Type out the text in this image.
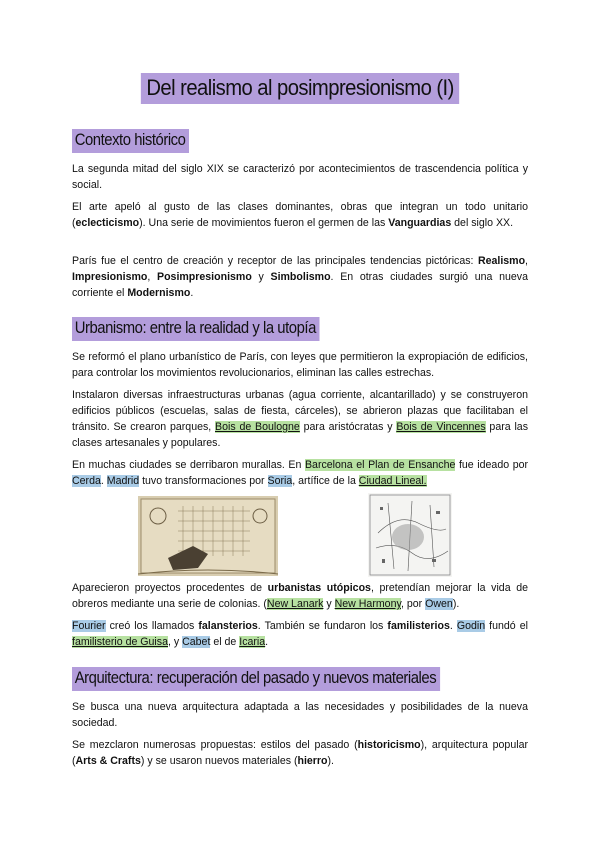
Del realismo al posimpresionismo (I)
Contexto histórico

La segunda mitad del siglo XIX se caracterizó por acontecimientos de trascendencia política y social.

El arte apeló al gusto de las clases dominantes, obras que integran un todo unitario (eclecticismo). Una serie de movimientos fueron el germen de las Vanguardias del siglo XX.

París fue el centro de creación y receptor de las principales tendencias pictóricas: Realismo, Impresionismo, Posimpresionismo y Simbolismo. En otras ciudades surgió una nueva corriente el Modernismo.

Urbanismo: entre la realidad y la utopía

Se reformó el plano urbanístico de París, con leyes que permitieron la expropiación de edificios, para controlar los movimientos revolucionarios, eliminan las calles estrechas.

Instalaron diversas infraestructuras urbanas (agua corriente, alcantarillado) y se construyeron edificios públicos (escuelas, salas de fiesta, cárceles), se abrieron plazas que facilitaban el tránsito. Se crearon parques, Bois de Boulogne para aristócratas y Bois de Vincennes para las clases artesanales y populares.

En muchas ciudades se derribaron murallas. En Barcelona el Plan de Ensanche fue ideado por Cerda. Madrid tuvo transformaciones por Soria, artífice de la Ciudad Lineal.

Aparecieron proyectos procedentes de urbanistas utópicos, pretendían mejorar la vida de obreros mediante una serie de colonias. (New Lanark y New Harmony, por Owen).

Fourier creó los llamados falansterios. También se fundaron los familisterios. Godin fundó el familisterio de Guisa, y Cabet el de Icaria.

Arquitectura: recuperación del pasado y nuevos materiales

Se busca una nueva arquitectura adaptada a las necesidades y posibilidades de la nueva sociedad.

Se mezclaron numerosas propuestas: estilos del pasado (historicismo), arquitectura popular (Arts & Crafts) y se usaron nuevos materiales (hierro).
